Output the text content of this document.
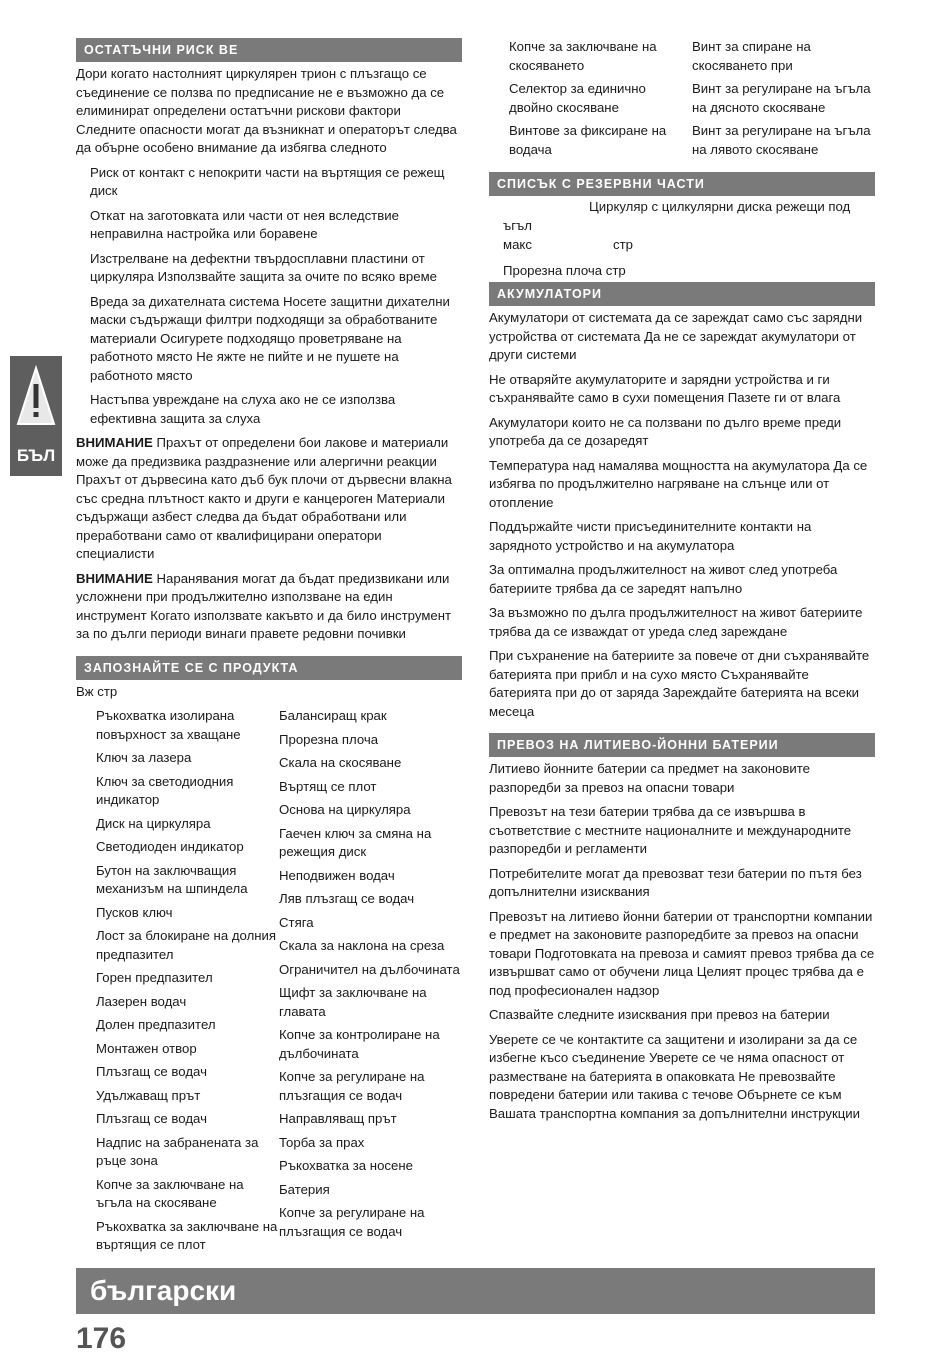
ОСТАТЪЧНИ РИСК ВЕ

Дори когато настолният циркулярен трион с плъзгащо се съединение се ползва по предписание не е възможно да се елиминират определени остатъчни рискови фактори Следните опасности могат да възникнат и операторът следва да обърне особено внимание да избягва следното

Риск от контакт с непокрити части на въртящия се режещ диск
Откат на заготовката или части от нея вследствие неправилна настройка или боравене
Изстрелване на дефектни твърдосплавни пластини от циркуляра Използвайте защита за очите по всяко време
Вреда за дихателната система Носете защитни дихателни маски съдържащи филтри подходящи за обработваните материали Осигурете подходящо проветряване на работното място Не яжте не пийте и не пушете на работното място
Настъпва увреждане на слуха ако не се използва ефективна защита за слуха

ВНИМАНИЕ Прахът от определени бои лакове и материали може да предизвика раздразнение или алергични реакции Прахът от дървесина като дъб бук плочи от дървесни влакна със средна плътност както и други е канцероген Материали съдържащи азбест следва да бъдат обработвани или преработвани само от квалифицирани оператори специалисти

ВНИМАНИЕ Наранявания могат да бъдат предизвикани или усложнени при продължително използване на един инструмент Когато използвате какъвто и да било инструмент за по дълги периоди винаги правете редовни почивки

ЗАПОЗНАЙТЕ СЕ С ПРОДУКТА

Вж стр

Ръкохватка изолирана повърхност за хващане
Ключ за лазера
Ключ за светодиодния индикатор
Диск на циркуляра
Светодиоден индикатор
Бутон на заключващия механизъм на шпиндела
Пусков ключ
Лост за блокиране на долния предпазител
Горен предпазител
Лазерен водач
Долен предпазител
Монтажен отвор
Плъзгащ се водач
Удължаващ прът
Плъзгащ се водач
Надпис на забранената за ръце зона
Копче за заключване на ъгъла на скосяване
Ръкохватка за заключване на въртящия се плот
Балансиращ крак
Прорезна плоча
Скала на скосяване
Въртящ се плот
Основа на циркуляра
Гаечен ключ за смяна на режещия диск
Неподвижен водач
Ляв плъзгащ се водач
Стяга
Скала за наклона на среза
Ограничител на дълбочината
Щифт за заключване на главата
Копче за контролиране на дълбочината
Копче за регулиране на плъзгащия се водач
Направляващ прът
Торба за прах
Ръкохватка за носене
Батерия
Копче за регулиране на плъзгащия се водач
Копче за заключване на скосяването
Селектор за единично двойно скосяване
Винтове за фиксиране на водача
Винт за спиране на скосяването при
Винт за регулиране на ъгъла на дясното скосяване
Винт за регулиране на ъгъла на лявото скосяване
СПИСЪК С РЕЗЕРВНИ ЧАСТИ
Циркуляр с цилкулярни диска режещи под
ъгъл
макс	стр
Прорезна плоча стр
АКУМУЛАТОРИ

Акумулатори от системата да се зареждат само със зарядни устройства от системата Да не се зареждат акумулатори от други системи

Не отваряйте акумулаторите и зарядни устройства и ги съхранявайте само в сухи помещения Пазете ги от влага

Акумулатори които не са ползвани по дълго време преди употреба да се дозаредят

Температура над намалява мощността на акумулатора Да се избягва по продължително нагряване на слънце или от отопление

Поддържайте чисти присъединителните контакти на зарядното устройство и на акумулатора

За оптимална продължителност на живот след употреба батериите трябва да се заредят напълно

За възможно по дълга продължителност на живот батериите трябва да се изваждат от уреда след зареждане

При съхранение на батериите за повече от дни съхранявайте батерията при прибл и на сухо място Съхранявайте батерията при до от заряда Зареждайте батерията на всеки месеца

ПРЕВОЗ НА ЛИТИЕВО-ЙОННИ БАТЕРИИ

Литиево йонните батерии са предмет на законовите разпоредби за превоз на опасни товари

Превозът на тези батерии трябва да се извършва в съответствие с местните националните и международните разпоредби и регламенти

Потребителите могат да превозват тези батерии по пътя без допълнителни изисквания

Превозът на литиево йонни батерии от транспортни компании е предмет на законовите разпоредбите за превоз на опасни товари Подготовката на превоза и самият превоз трябва да се извършват само от обучени лица Целият процес трябва да е под професионален надзор

Спазвайте следните изисквания при превоз на батерии

Уверете се че контактите са защитени и изолирани за да се избегне късо съединение Уверете се че няма опасност от разместване на батерията в опаковката Не превозвайте повредени батерии или такива с течове Обърнете се към Вашата транспортна компания за допълнителни инструкции

БЪЛ
български
176
